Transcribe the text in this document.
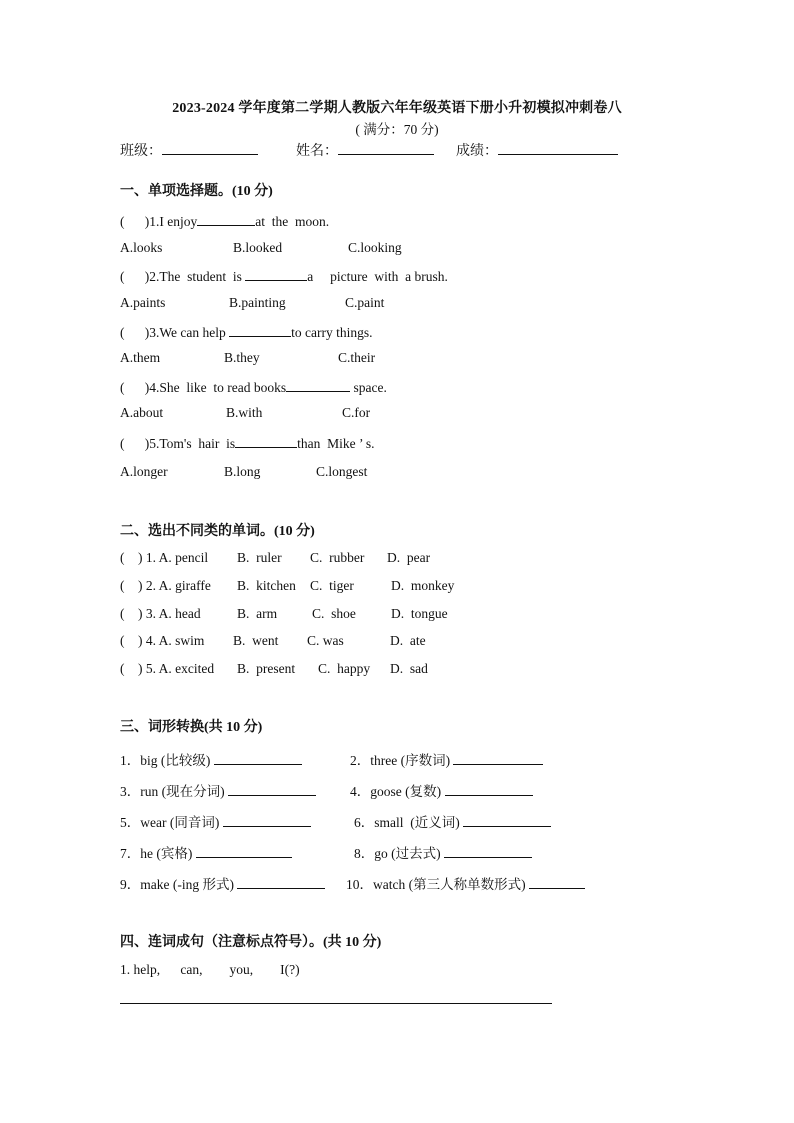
2023-2024 学年度第二学期人教版六年年级英语下册小升初模拟冲刺卷八
( 满分：70 分)
班级：	姓名：	成绩：
一、单项选择题。(10 分)
(      )1.I enjoy	at  the  moon.
A.looks	B.looked	C.looking
(      )2.The  student  is	a     picture  with  a brush.
A.paints	B.painting	C.paint
(      )3.We can help	to carry things.
A.them	B.they	C.their
(      )4.She  like  to read books	space.
A.about	B.with	C.for
(      )5.Tom's  hair  is	than  Mike ’ s.
A.longer	B.long	C.longest
二、选出不同类的单词。(10 分)
(    ) 1. A. pencil B.  ruler C.  rubber D.  pear
(    ) 2. A. giraffe B.  kitchen C.  tiger	D.  monkey
(    ) 3. A. head	B.  arm	C.  shoe	D.  tongue
(    ) 4. A. swim B.  went C. was	D.  ate
(    ) 5. A. excited B.  present C.  happy D.  sad
三、词形转换(共 10 分)
1．big (比较级)	2．three (序数词)
3．run (现在分词)	4．goose (复数)
5．wear (同音词)	6．small  (近义词)
7．he (宾格)	8．go (过去式)
9．make (-ing 形式)	10．watch (第三人称单数形式)
四、连词成句（注意标点符号）。(共 10 分)
1. help,      can,        you,        I(?)
